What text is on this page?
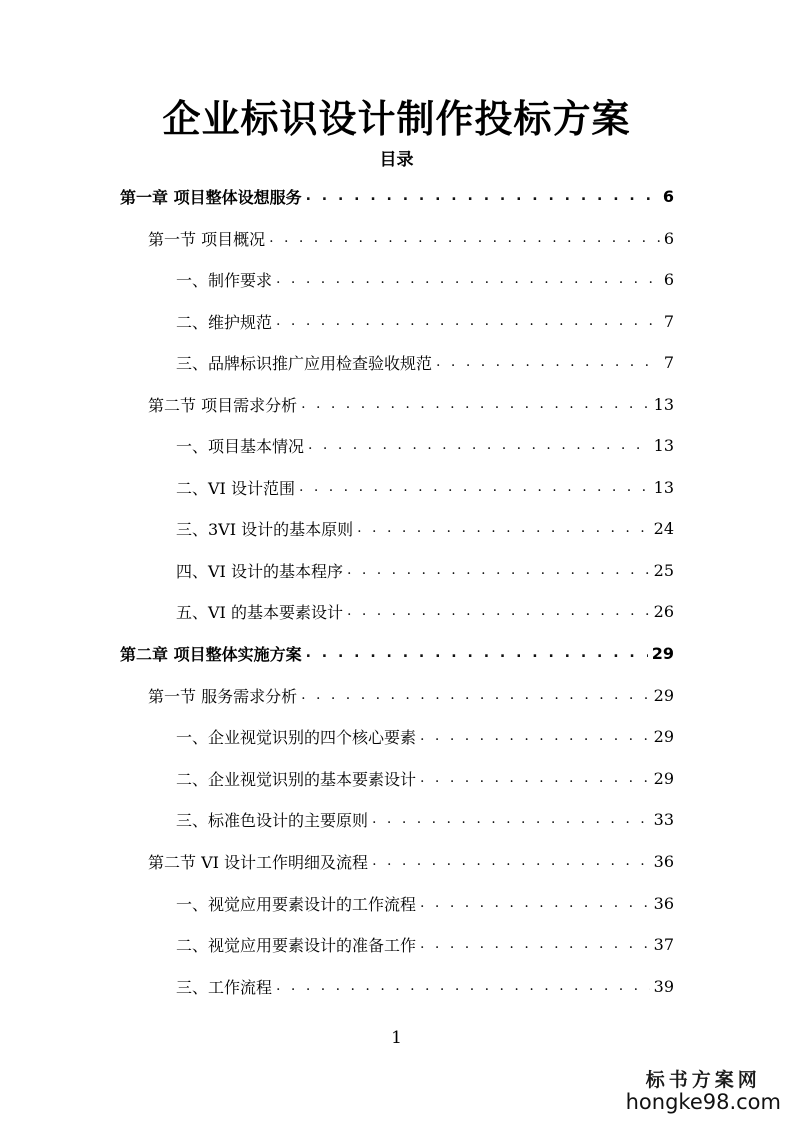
企业标识设计制作投标方案
目录
第一章 项目整体设想服务 . . .	6
第一节 项目概况 . . .	6
一、制作要求 . . .	6
二、维护规范 . . .	7
三、品牌标识推广应用检查验收规范 . . .	7
第二节 项目需求分析 . . .	13
一、项目基本情况 . . .	13
二、VI 设计范围 . . .	13
三、3VI 设计的基本原则 . . .	24
四、VI 设计的基本程序 . . .	25
五、VI 的基本要素设计 . . .	26
第二章 项目整体实施方案 . . .	29
第一节 服务需求分析 . . .	29
一、企业视觉识别的四个核心要素 . . .	29
二、企业视觉识别的基本要素设计 . . .	29
三、标准色设计的主要原则 . . .	33
第二节 VI 设计工作明细及流程 . . .	36
一、视觉应用要素设计的工作流程 . . .	36
二、视觉应用要素设计的准备工作 . . .	37
三、工作流程 . . .	39
1
标书方案网
hongke98.com
